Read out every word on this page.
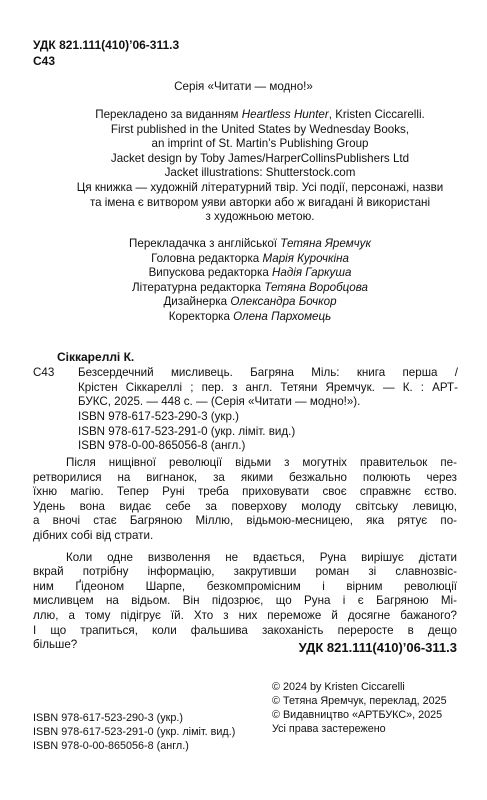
УДК 821.111(410)’06-311.3
С43
Серія «Читати — модно!»
Перекладено за виданням Heartless Hunter, Kristen Ciccarelli.
First published in the United States by Wednesday Books,
an imprint of St. Martin’s Publishing Group
Jacket design by Toby James/HarperCollinsPublishers Ltd
Jacket illustrations: Shutterstock.com
Ця книжка — художній літературний твір. Усі події, персонажі, назви
та імена є витвором уяви авторки або ж вигадані й використані
з художньою метою.
Перекладачка з англійської Тетяна Яремчук
Головна редакторка Марія Курочкіна
Випускова редакторка Надія Гаркуша
Літературна редакторка Тетяна Воробцова
Дизайнерка Олександра Бочкор
Коректорка Олена Пархомець
Сіккареллі К.
С43 Безсердечний мисливець. Багряна Міль: книга перша /
Крістен Сіккареллі ; пер. з англ. Тетяни Яремчук. — К. : АРТ-
БУКС, 2025. — 448 с. — (Серія «Читати — модно!»).
ISBN 978-617-523-290-3 (укр.)
ISBN 978-617-523-291-0 (укр. лiміт. вид.)
ISBN 978-0-00-865056-8 (англ.)
Після нищівної революції відьми з могутніх правительок пе-
ретворилися на вигнанок, за якими безжально полюють через
їхню магію. Тепер Руні треба приховувати своє справжнє єство.
Удень вона видає себе за поверхову молоду світську левицю,
а вночі стає Багряною Міллю, відьмою-месницею, яка рятує по-
дібних собі від страти.
Коли одне визволення не вдається, Руна вирішує дістати
вкрай потрібну інформацію, закрутивши роман зі славнозвіс-
ним Ґідеоном Шарпе, безкомпромісним і вірним революції
мисливцем на відьом. Він підозрює, що Руна і є Багряною Мі-
ллю, а тому підігрує їй. Хто з них переможе й досягне бажаного?
І що трапиться, коли фальшива закоханість переросте в дещо
більше?	УДК 821.111(410)’06-311.3
© 2024 by Kristen Ciccarelli
© Тетяна Яремчук, переклад, 2025
© Видавництво «АРТБУКС», 2025
Усі права застережено
ISBN 978-617-523-290-3 (укр.)
ISBN 978-617-523-291-0 (укр. лiміт. вид.)
ISBN 978-0-00-865056-8 (англ.)
